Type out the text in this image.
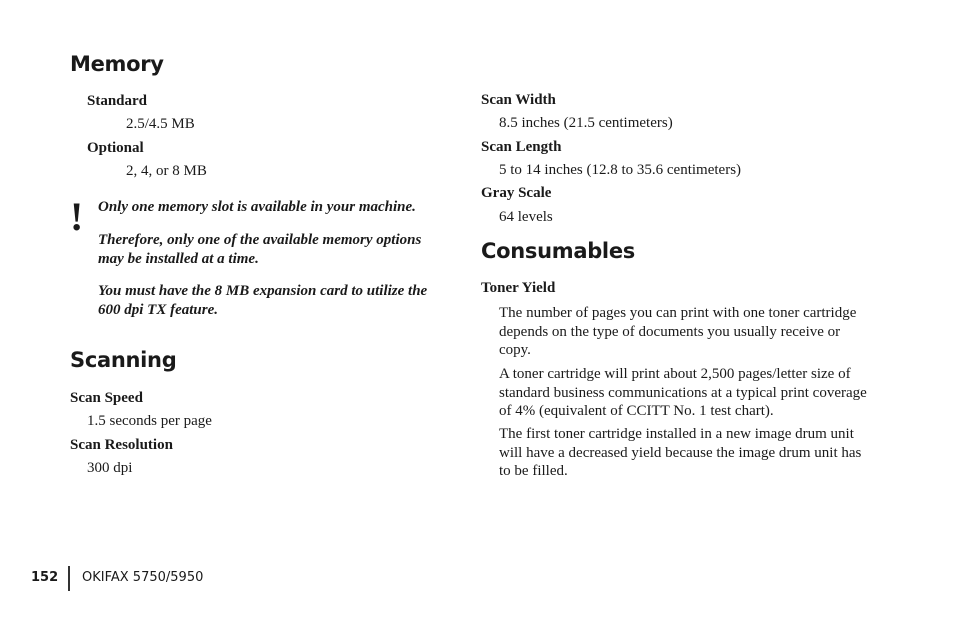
Memory
Standard
2.5/4.5 MB
Optional
2, 4, or 8 MB
! Only one memory slot is available in your machine.
Therefore, only one of the available memory options may be installed at a time.
You must have the 8 MB expansion card to utilize the 600 dpi TX feature.
Scanning
Scan Speed
1.5 seconds per page
Scan Resolution
300 dpi
Scan Width
8.5 inches (21.5 centimeters)
Scan Length
5 to 14 inches (12.8 to 35.6 centimeters)
Gray Scale
64 levels
Consumables
Toner Yield
The number of pages you can print with one toner cartridge depends on the type of documents you usually receive or copy.
A toner cartridge will print about 2,500 pages/letter size of standard business communications at a typical print coverage of 4% (equivalent of CCITT No. 1 test chart).
The first toner cartridge installed in a new image drum unit will have a decreased yield because the image drum unit has to be filled.
152 OKIFAX 5750/5950
